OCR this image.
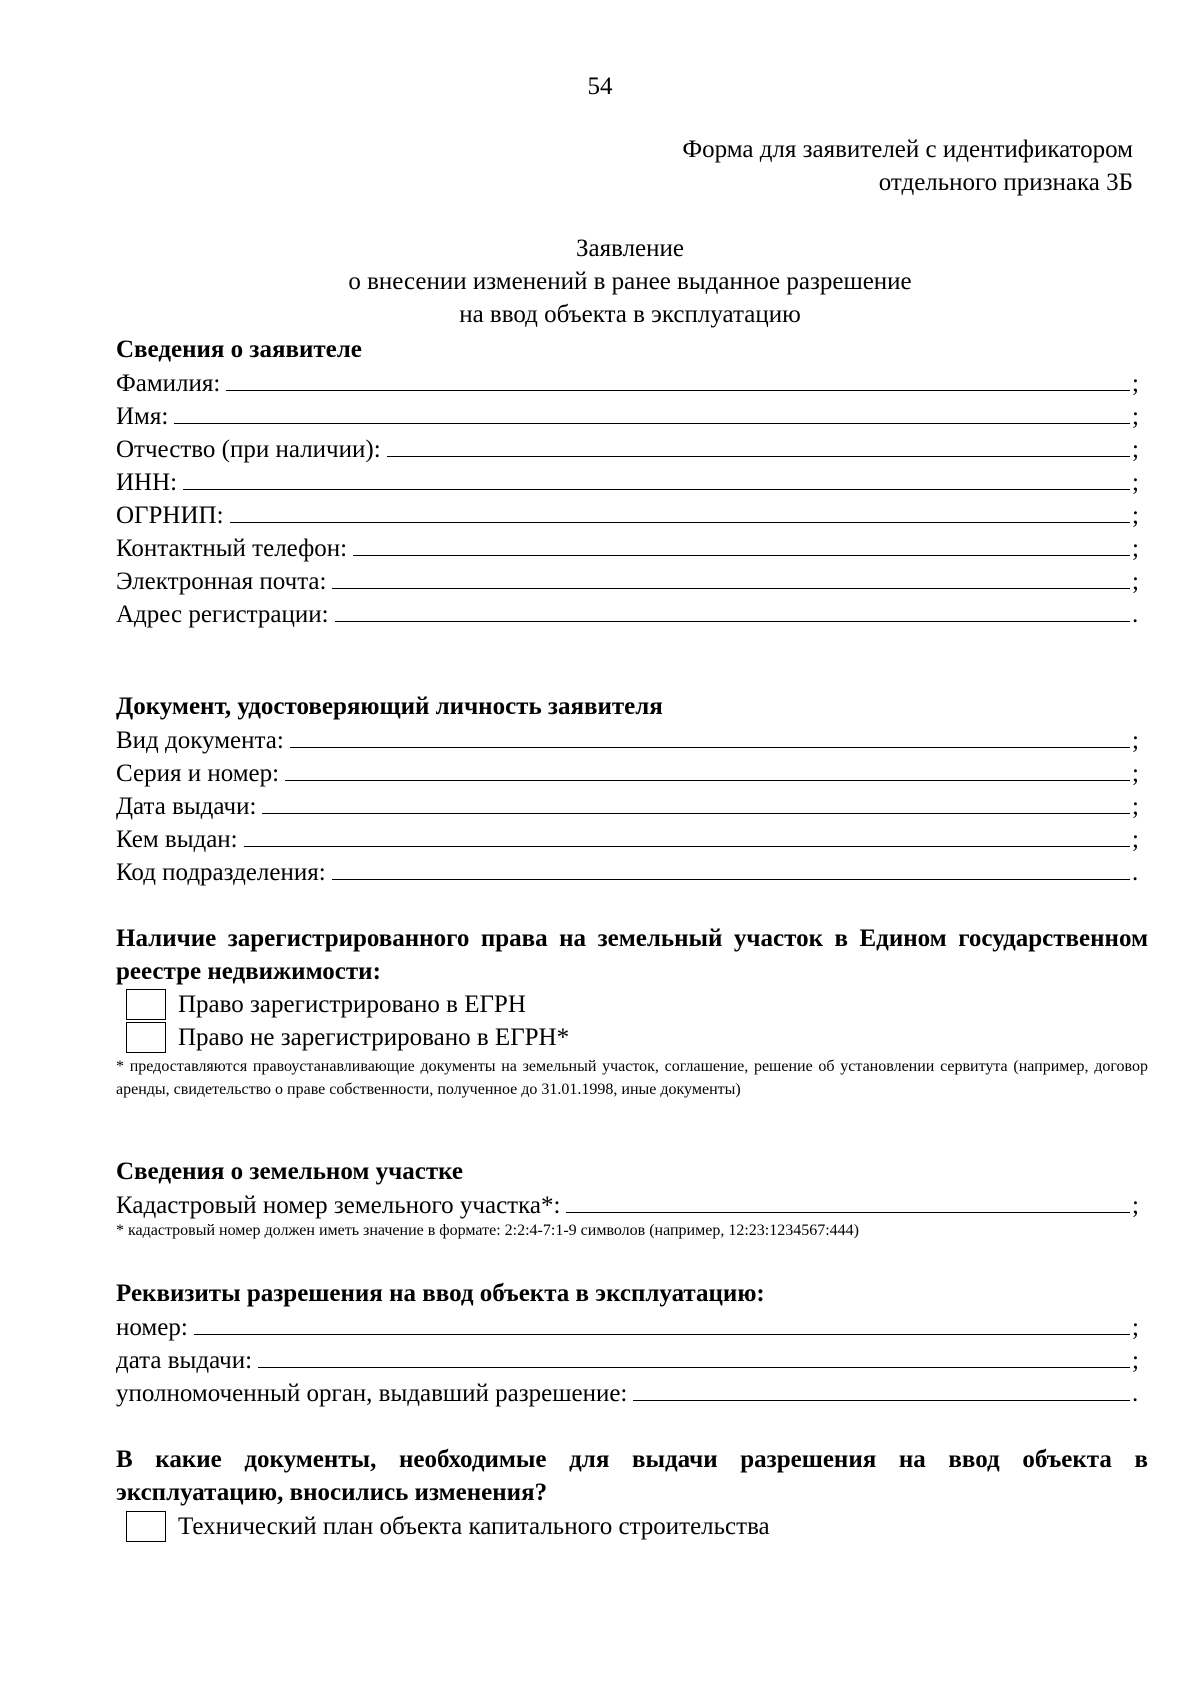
54
Форма для заявителей с идентификатором
отдельного признака 3Б
Заявление
о внесении изменений в ранее выданное разрешение
на ввод объекта в эксплуатацию
Сведения о заявителе
Фамилия:	;
Имя:	;
Отчество (при наличии):	;
ИНН:	;
ОГРНИП:	;
Контактный телефон:	;
Электронная почта:	;
Адрес регистрации:	.
Документ, удостоверяющий личность заявителя
Вид документа:	;
Серия и номер:	;
Дата выдачи:	;
Кем выдан:	;
Код подразделения:	.
Наличие зарегистрированного права на земельный участок в Едином государственном реестре недвижимости:
Право зарегистрировано в ЕГРН
Право не зарегистрировано в ЕГРН*
* предоставляются правоустанавливающие документы на земельный участок, соглашение, решение об установлении сервитута (например, договор аренды, свидетельство о праве собственности, полученное до 31.01.1998, иные документы)
Сведения о земельном участке
Кадастровый номер земельного участка*:	;
* кадастровый номер должен иметь значение в формате: 2:2:4-7:1-9 символов (например, 12:23:1234567:444)
Реквизиты разрешения на ввод объекта в эксплуатацию:
номер:	;
дата выдачи:	;
уполномоченный орган, выдавший разрешение:	.
В какие документы, необходимые для выдачи разрешения на ввод объекта в эксплуатацию, вносились изменения?
Технический план объекта капитального строительства
